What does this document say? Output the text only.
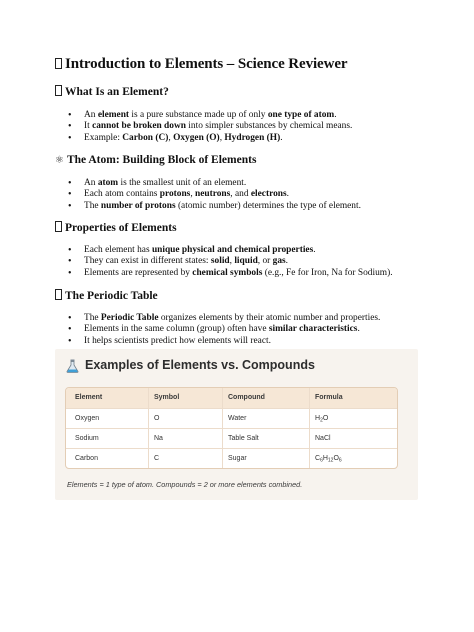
Introduction to Elements – Science Reviewer
What Is an Element?
• An element is a pure substance made up of only one type of atom.
• It cannot be broken down into simpler substances by chemical means.
• Example: Carbon (C), Oxygen (O), Hydrogen (H).
⚛ The Atom: Building Block of Elements
• An atom is the smallest unit of an element.
• Each atom contains protons, neutrons, and electrons.
• The number of protons (atomic number) determines the type of element.
Properties of Elements
• Each element has unique physical and chemical properties.
• They can exist in different states: solid, liquid, or gas.
• Elements are represented by chemical symbols (e.g., Fe for Iron, Na for Sodium).
The Periodic Table
• The Periodic Table organizes elements by their atomic number and properties.
• Elements in the same column (group) often have similar characteristics.
• It helps scientists predict how elements will react.
Examples of Elements vs. Compounds
Element	Symbol	Compound	Formula
Oxygen	O	Water	$H_2O$
Sodium	Na	Table Salt	NaCl
Carbon	C	Sugar	$C_6H_{12}O_6$
Elements = 1 type of atom. Compounds = 2 or more elements combined.
